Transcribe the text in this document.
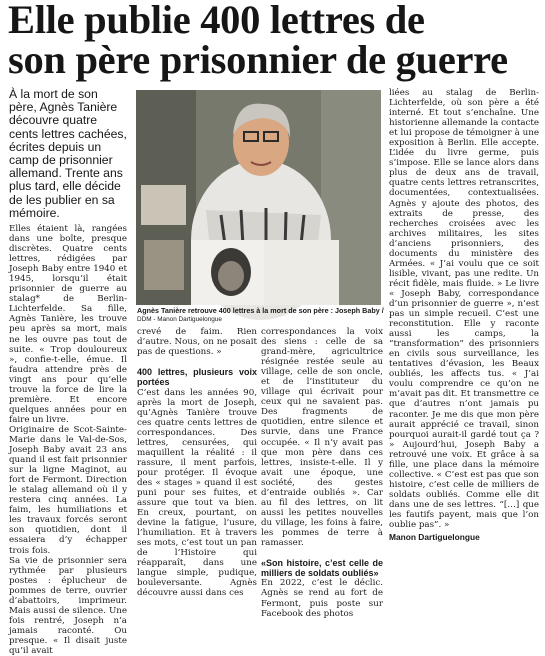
Elle publie 400 lettres de
son père prisonnier de guerre
À la mort de son père, Agnès Tanière découvre quatre cents lettres cachées, écrites depuis un camp de prisonnier allemand. Trente ans plus tard, elle décide de les publier en sa mémoire.

Elles étaient là, rangées dans une boîte, presque discrètes. Quatre cents lettres, rédigées par Joseph Baby entre 1940 et 1945, lorsqu’il était prisonnier de guerre au stalag* de Berlin-Lichterfelde. Sa fille, Agnès Tanière, les trouve peu après sa mort, mais ne les ouvre pas tout de suite. « Trop douloureux », confie-t-elle, émue. Il faudra attendre près de vingt ans pour qu’elle trouve la force de lire la première. Et encore quelques années pour en faire un livre.

Originaire de Scot-Sainte-Marie dans le Val-de-Sos, Joseph Baby avait 23 ans quand il est fait prisonnier sur la ligne Maginot, au fort de Fermont. Direction le stalag allemand où il y restera cinq années. La faim, les humiliations et les travaux forcés seront son quotidien, dont il essaiera d’y échapper trois fois.

Sa vie de prisonnier sera rythmée par plusieurs postes : éplucheur de pommes de terre, ouvrier d’abattoirs, imprimeur. Mais aussi de silence. Une fois rentré, Joseph n’a jamais raconté. Ou presque. « Il disait juste qu’il avait

Agnès Tanière retrouve 400 lettres à la mort de son père : Joseph Baby /
DDM - Manon Dartiguelongue

crevé de faim. Rien d’autre. Nous, on ne posait pas de questions. »

400 lettres, plusieurs voix portées

C’est dans les années 90, après la mort de Joseph, qu’Agnès Tanière trouve ces quatre cents lettres de correspondances. Des lettres, censurées, qui maquillent la réalité : il rassure, il ment parfois, pour protéger. Il évoque des « stages » quand il est puni pour ses fuites, et assure que tout va bien. En creux, pourtant, on devine la fatigue, l’usure, l’humiliation. Et à travers ses mots, c’est tout un pan de l’Histoire qui réapparaît, dans une langue simple, pudique, bouleversante. Agnès découvre aussi dans ces

correspondances la voix des siens : celle de sa grand-mère, agricultrice résignée restée seule au village, celle de son oncle, et de l’instituteur du village qui écrivait pour ceux qui ne savaient pas. Des fragments de quotidien, entre silence et survie, dans une France occupée. « Il n’y avait pas que mon père dans ces lettres, insiste-t-elle. Il y avait une époque, une société, des gestes d’entraide oubliés ». Car au fil des lettres, on lit aussi les petites nouvelles du village, les foins à faire, les pommes de terre à ramasser.

«Son histoire, c’est celle de milliers de soldats oubliés»

En 2022, c’est le déclic. Agnès se rend au fort de Fermont, puis poste sur Facebook des photos

liées au stalag de Berlin-Lichterfelde, où son père a été interné. Et tout s’enchaîne. Une historienne allemande la contacte et lui propose de témoigner à une exposition à Berlin. Elle accepte. L’idée du livre germe, puis s’impose. Elle se lance alors dans plus de deux ans de travail, quatre cents lettres retranscrites, documentées, contextualisées. Agnès y ajoute des photos, des extraits de presse, des recherches croisées avec les archives militaires, les sites d’anciens prisonniers, des documents du ministère des Armées. « J’ai voulu que ce soit lisible, vivant, pas une redite. Un récit fidèle, mais fluide. » Le livre « Joseph Baby, correspondance d’un prisonnier de guerre », n’est pas un simple recueil. C’est une reconstitution. Elle y raconte aussi les camps, la “transformation” des prisonniers en civils sous surveillance, les tentatives d’évasion, les Beaux oubliés, les affects tus. « J’ai voulu comprendre ce qu’on ne m’avait pas dit. Et transmettre ce que d’autres n’ont jamais pu raconter. Je me dis que mon père aurait apprécié ce travail, sinon pourquoi aurait-il gardé tout ça ? » Aujourd’hui, Joseph Baby a retrouvé une voix. Et grâce à sa fille, une place dans la mémoire collective. « C’est est pas que son histoire, c’est celle de milliers de soldats oubliés. Comme elle dit dans une de ses lettres. “[…] que les fautifs payent, mais que l’on oublie pas”. »

Manon Dartiguelongue
